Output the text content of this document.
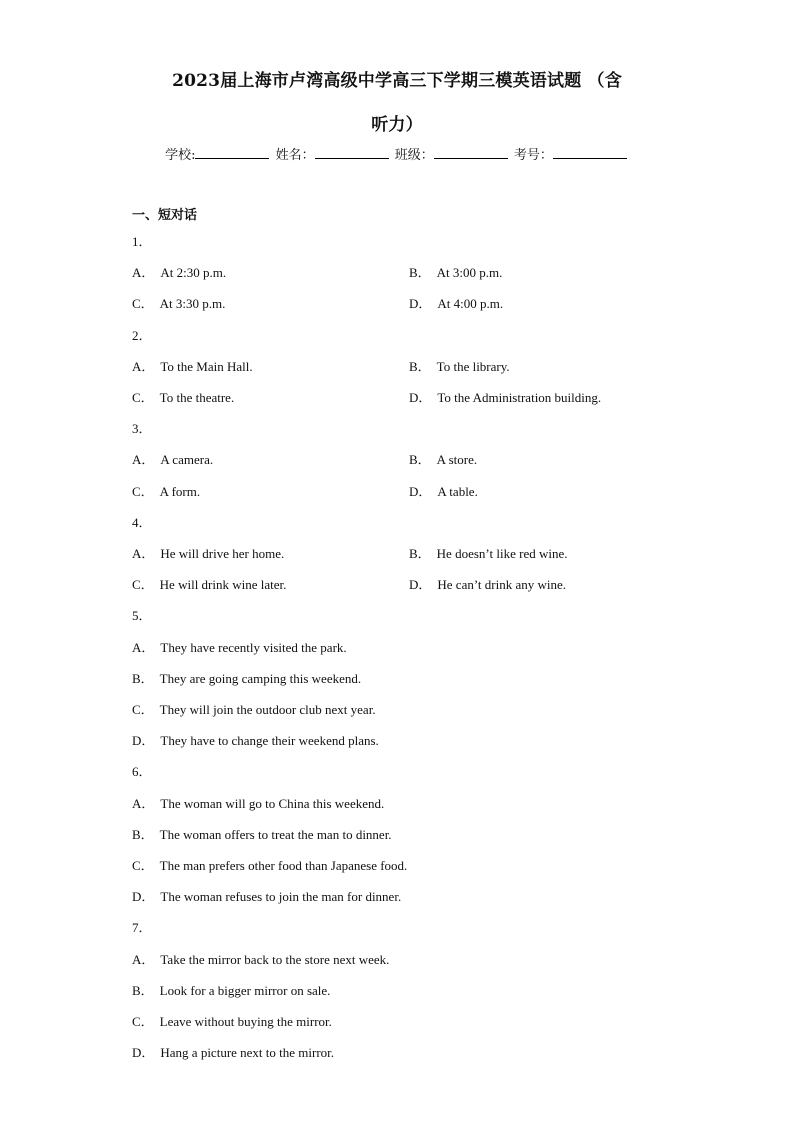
2023届上海市卢湾高级中学高三下学期三模英语试题 （含
听力）
学校:	姓名：	班级：	考号：
一、短对话
1．
A． At 2:30 p.m.	B． At 3:00 p.m.
C． At 3:30 p.m.	D． At 4:00 p.m.
2．
A． To the Main Hall.	B． To the library.
C． To the theatre.	D． To the Administration building.
3．
A． A camera.	B． A store.
C． A form.	D． A table.
4．
A． He will drive her home.	B． He doesn’t like red wine.
C． He will drink wine later.	D． He can’t drink any wine.
5．
A． They have recently visited the park.
B． They are going camping this weekend.
C． They will join the outdoor club next year.
D． They have to change their weekend plans.
6．
A． The woman will go to China this weekend.
B． The woman offers to treat the man to dinner.
C． The man prefers other food than Japanese food.
D． The woman refuses to join the man for dinner.
7．
A． Take the mirror back to the store next week.
B． Look for a bigger mirror on sale.
C． Leave without buying the mirror.
D． Hang a picture next to the mirror.
